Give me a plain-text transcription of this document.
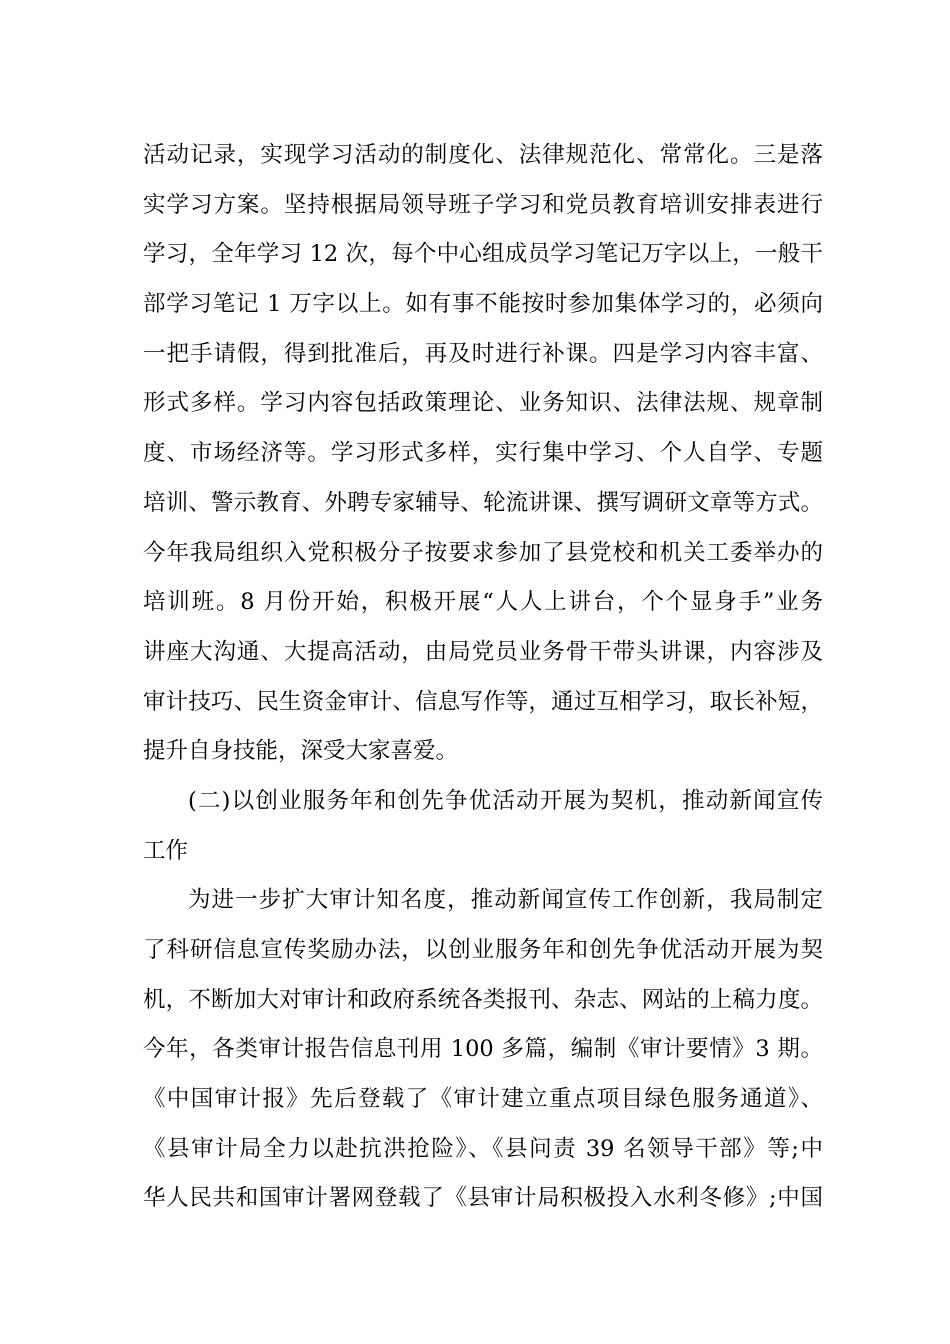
活动记录，实现学习活动的制度化、法律规范化、常常化。三是落
实学习方案。坚持根据局领导班子学习和党员教育培训安排表进行
学习，全年学习 12 次，每个中心组成员学习笔记万字以上，一般干
部学习笔记 1 万字以上。如有事不能按时参加集体学习的，必须向
一把手请假，得到批准后，再及时进行补课。四是学习内容丰富、
形式多样。学习内容包括政策理论、业务知识、法律法规、规章制
度、市场经济等。学习形式多样，实行集中学习、个人自学、专题
培训、警示教育、外聘专家辅导、轮流讲课、撰写调研文章等方式。
今年我局组织入党积极分子按要求参加了县党校和机关工委举办的
培训班。8 月份开始，积极开展“人人上讲台，个个显身手”业务
讲座大沟通、大提高活动，由局党员业务骨干带头讲课，内容涉及
审计技巧、民生资金审计、信息写作等，通过互相学习，取长补短，
提升自身技能，深受大家喜爱。
(二)以创业服务年和创先争优活动开展为契机，推动新闻宣传
工作
为进一步扩大审计知名度，推动新闻宣传工作创新，我局制定
了科研信息宣传奖励办法，以创业服务年和创先争优活动开展为契
机，不断加大对审计和政府系统各类报刊、杂志、网站的上稿力度。
今年，各类审计报告信息刊用 100 多篇，编制《审计要情》3 期。
《中国审计报》先后登载了《审计建立重点项目绿色服务通道》、
《县审计局全力以赴抗洪抢险》、《县问责 39 名领导干部》等;中
华人民共和国审计署网登载了《县审计局积极投入水利冬修》;中国
